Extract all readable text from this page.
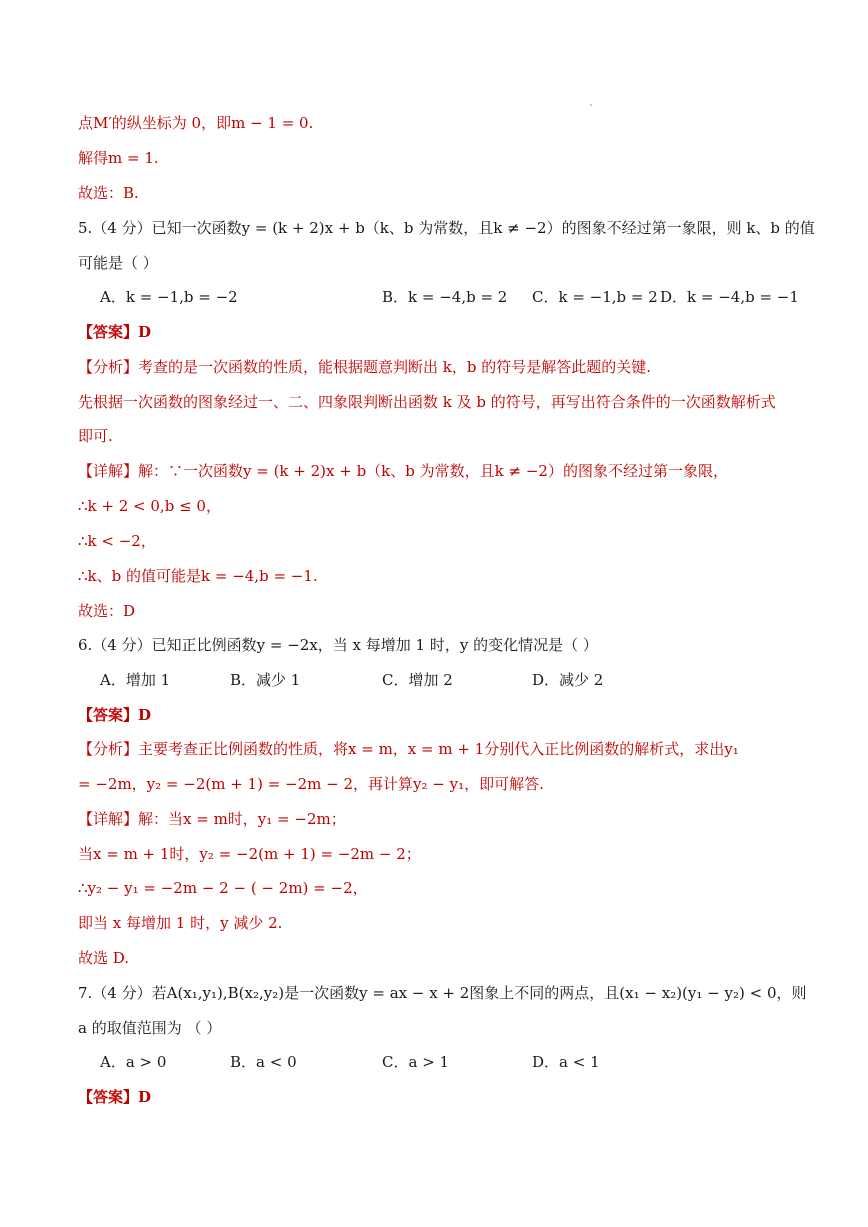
点M′的纵坐标为 0，即m − 1 = 0.
解得m = 1.
故选：B.
5.（4 分）已知一次函数y = (k + 2)x + b（k、b 为常数，且k ≠ −2）的图象不经过第一象限，则 k、b 的值
可能是（ ）
A．k = −1,b = −2	B．k = −4,b = 2 C．k = −1,b = 2 D．k = −4,b = −1
【答案】D
【分析】考查的是一次函数的性质，能根据题意判断出 k，b 的符号是解答此题的关键.
先根据一次函数的图象经过一、二、四象限判断出函数 k 及 b 的符号，再写出符合条件的一次函数解析式
即可.
【详解】解：∵一次函数y = (k + 2)x + b（k、b 为常数，且k ≠ −2）的图象不经过第一象限，
∴k + 2 < 0,b ≤ 0，
∴k < −2，
∴k、b 的值可能是k = −4,b = −1.
故选：D
6.（4 分）已知正比例函数y = −2x，当 x 每增加 1 时，y 的变化情况是（ ）
A．增加 1	B．减少 1	C．增加 2	D．减少 2
【答案】D
【分析】主要考查正比例函数的性质，将x = m，x = m + 1分别代入正比例函数的解析式，求出y₁
= −2m，y₂ = −2(m + 1) = −2m − 2，再计算y₂ − y₁，即可解答.
【详解】解：当x = m时，y₁ = −2m；
当x = m + 1时，y₂ = −2(m + 1) = −2m − 2；
∴y₂ − y₁ = −2m − 2 − ( − 2m) = −2，
即当 x 每增加 1 时，y 减少 2.
故选 D.
7.（4 分）若A(x₁,y₁),B(x₂,y₂)是一次函数y = ax − x + 2图象上不同的两点，且(x₁ − x₂)(y₁ − y₂) < 0，则
a 的取值范围为 （ ）
A．a > 0	B．a < 0	C．a > 1	D．a < 1
【答案】D
